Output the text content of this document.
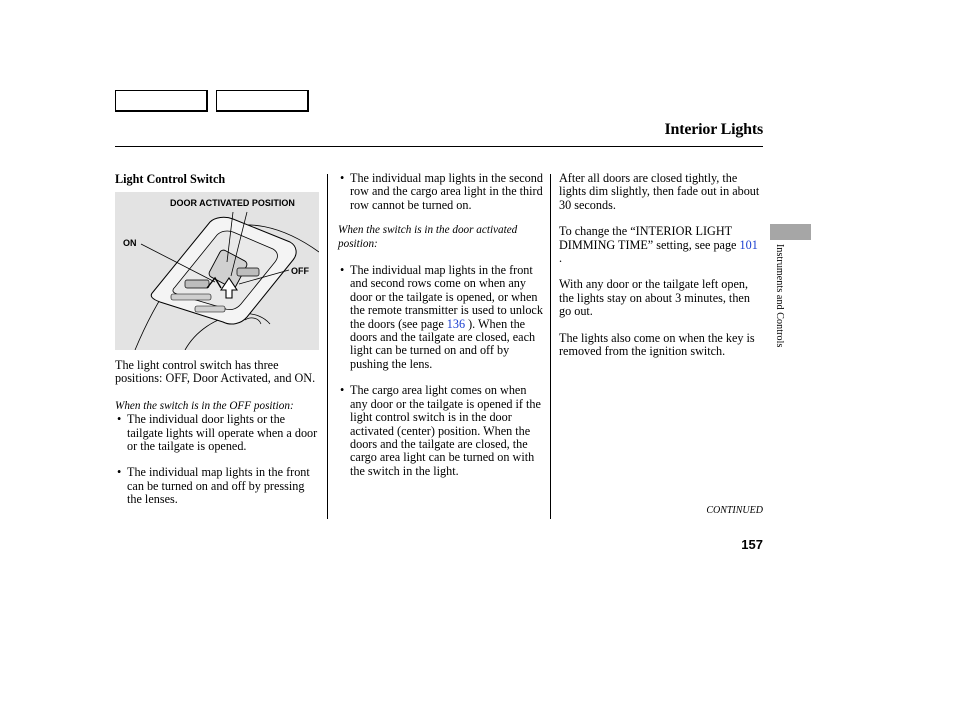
Interior Lights
Instruments and Controls
Light Control Switch
DOOR ACTIVATED POSITION
ON
OFF

The light control switch has three positions: OFF, Door Activated, and ON.

When the switch is in the OFF position:

• The individual door lights or the tailgate lights will operate when a door or the tailgate is opened.
• The individual map lights in the front can be turned on and off by pressing the lenses.
• The individual map lights in the second row and the cargo area light in the third row cannot be turned on.

When the switch is in the door activated position:

• The individual map lights in the front and second rows come on when any door or the tailgate is opened, or when the remote transmitter is used to unlock the doors (see page 136 ). When the doors and the tailgate are closed, each light can be turned on and off by pushing the lens.
• The cargo area light comes on when any door or the tailgate is opened if the light control switch is in the door activated (center) position. When the doors and the tailgate are closed, the cargo area light can be turned on with the switch in the light.

After all doors are closed tightly, the lights dim slightly, then fade out in about 30 seconds.

To change the “INTERIOR LIGHT DIMMING TIME” setting, see page 101 .

With any door or the tailgate left open, the lights stay on about 3 minutes, then go out.

The lights also come on when the key is removed from the ignition switch.

CONTINUED
157
